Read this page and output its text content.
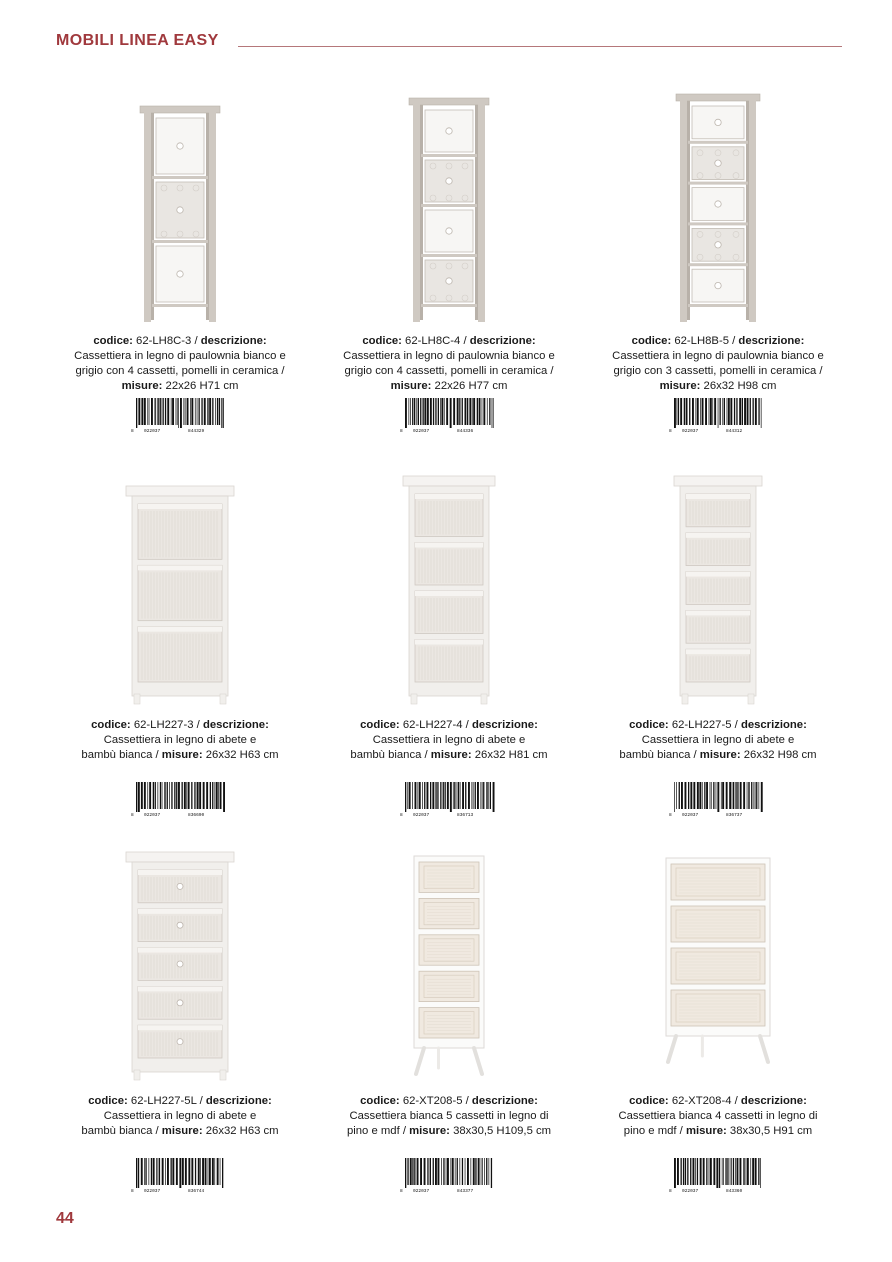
MOBILI LINEA EASY
codice: 62-LH8C-3 / descrizione:
Cassettiera in legno di paulownia bianco e
grigio con 4 cassetti, pomelli in ceramica /
misure: 22x26 H71 cm
8 022037	844329
codice: 62-LH8C-4 / descrizione:
Cassettiera in legno di paulownia bianco e
grigio con 4 cassetti, pomelli in ceramica /
misure: 22x26 H77 cm
8 022037	844336
codice: 62-LH8B-5 / descrizione:
Cassettiera in legno di paulownia bianco e
grigio con 3 cassetti, pomelli in ceramica /
misure: 26x32 H98 cm
8 022037	844312
codice: 62-LH227-3 / descrizione:
Cassettiera in legno di abete e
bambù bianca / misure: 26x32 H63 cm
8 022037	836690
codice: 62-LH227-4 / descrizione:
Cassettiera in legno di abete e
bambù bianca / misure: 26x32 H81 cm
8 022037	836713
codice: 62-LH227-5 / descrizione:
Cassettiera in legno di abete e
bambù bianca / misure: 26x32 H98 cm
8 022037	836737
codice: 62-LH227-5L / descrizione:
Cassettiera in legno di abete e
bambù bianca / misure: 26x32 H63 cm
8 022037	836744
codice: 62-XT208-5 / descrizione:
Cassettiera bianca 5 cassetti in legno di
pino e mdf / misure: 38x30,5 H109,5 cm
8 022037	843377
codice: 62-XT208-4 / descrizione:
Cassettiera bianca 4 cassetti in legno di
pino e mdf / misure: 38x30,5 H91 cm
8 022037	843360
44
